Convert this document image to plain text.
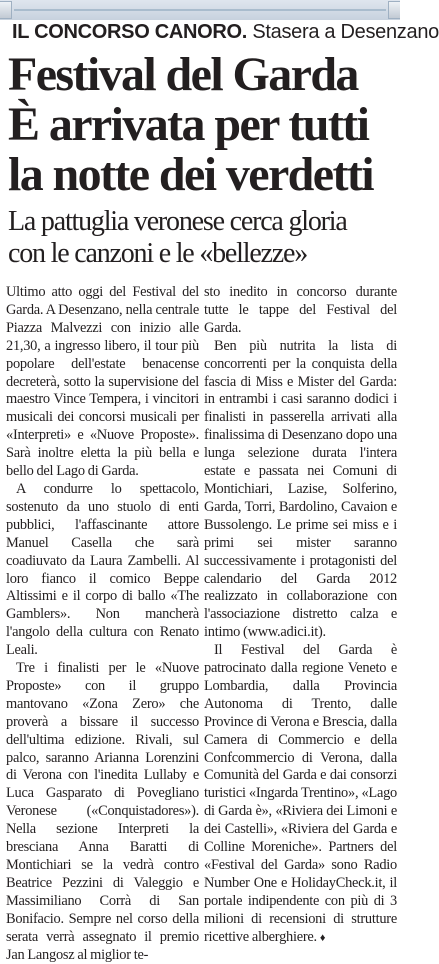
IL CONCORSO CANORO. Stasera a Desenzano
Festival del Garda
È arrivata per tutti
la notte dei verdetti
La pattuglia veronese cerca gloria
con le canzoni e le «bellezze»

Ultimo atto oggi del Festival del Garda. A Desenzano, nella centrale Piazza Malvezzi con inizio alle 21,30, a ingresso libero, il tour più popolare dell'estate benacense decreterà, sotto la supervisione del maestro Vince Tempera, i vincitori musicali dei concorsi musicali per «Interpreti» e «Nuove Proposte». Sarà inoltre eletta la più bella e bello del Lago di Garda.

A condurre lo spettacolo, sostenuto da uno stuolo di enti pubblici, l'affascinante attore Manuel Casella che sarà coadiuvato da Laura Zambelli. Al loro fianco il comico Beppe Altissimi e il corpo di ballo «The Gamblers». Non mancherà l'angolo della cultura con Renato Leali.

Tre i finalisti per le «Nuove Proposte» con il gruppo mantovano «Zona Zero» che proverà a bissare il successo dell'ultima edizione. Rivali, sul palco, saranno Arianna Lorenzini di Verona con l'inedita Lullaby e Luca Gasparato di Povegliano Veronese («Conquistadores»). Nella sezione Interpreti la bresciana Anna Baratti di Montichiari se la vedrà contro Beatrice Pezzini di Valeggio e Massimiliano Corrà di San Bonifacio. Sempre nel corso della serata verrà assegnato il premio Jan Langosz al miglior te-

sto inedito in concorso durante tutte le tappe del Festival del Garda.

Ben più nutrita la lista di concorrenti per la conquista della fascia di Miss e Mister del Garda: in entrambi i casi saranno dodici i finalisti in passerella arrivati alla finalissima di Desenzano dopo una lunga selezione durata l'intera estate e passata nei Comuni di Montichiari, Lazise, Solferino, Garda, Torri, Bardolino, Cavaion e Bussolengo. Le prime sei miss e i primi sei mister saranno successivamente i protagonisti del calendario del Garda 2012 realizzato in collaborazione con l'associazione distretto calza e intimo (www.adici.it).

Il Festival del Garda è patrocinato dalla regione Veneto e Lombardia, dalla Provincia Autonoma di Trento, dalle Province di Verona e Brescia, dalla Camera di Commercio e della Confcommercio di Verona, dalla Comunità del Garda e dai consorzi turistici «Ingarda Trentino», «Lago di Garda è», «Riviera dei Limoni e dei Castelli», «Riviera del Garda e Colline Moreniche». Partners del «Festival del Garda» sono Radio Number One e HolidayCheck.it, il portale indipendente con più di 3 milioni di recensioni di strutture ricettive alberghiere. ♦
